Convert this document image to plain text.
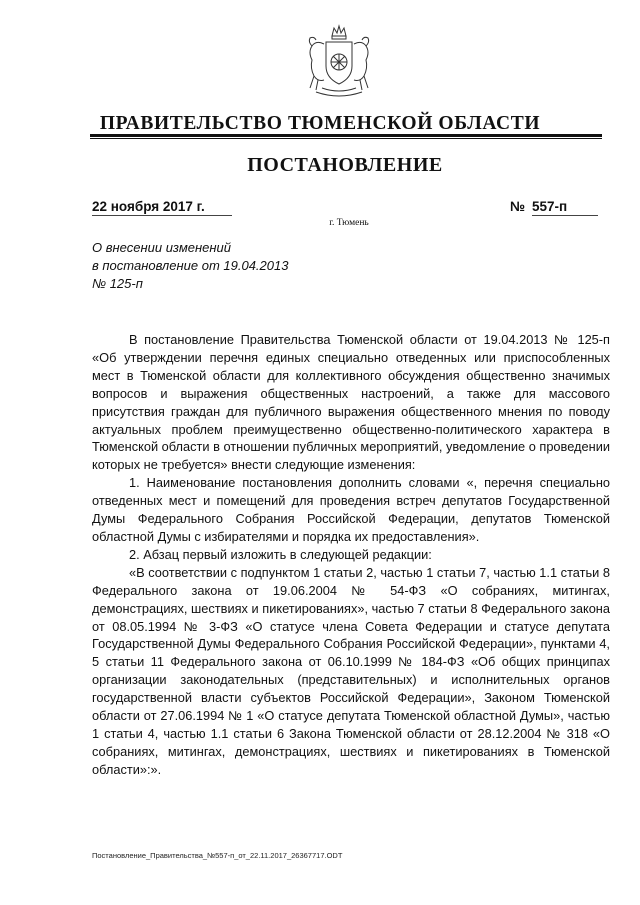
ПРАВИТЕЛЬСТВО ТЮМЕНСКОЙ ОБЛАСТИ
ПОСТАНОВЛЕНИЕ
22 ноября 2017 г.	№ 557-п
г. Тюмень
О внесении изменений
в постановление от 19.04.2013
№ 125-п

В постановление Правительства Тюменской области от 19.04.2013 № 125-п «Об утверждении перечня единых специально отведенных или приспособленных мест в Тюменской области для коллективного обсуждения общественно значимых вопросов и выражения общественных настроений, а также для массового присутствия граждан для публичного выражения общественного мнения по поводу актуальных проблем преимущественно общественно-политического характера в Тюменской области в отношении публичных мероприятий, уведомление о проведении которых не требуется» внести следующие изменения:

1. Наименование постановления дополнить словами «, перечня специально отведенных мест и помещений для проведения встреч депутатов Государственной Думы Федерального Собрания Российской Федерации, депутатов Тюменской областной Думы с избирателями и порядка их предоставления».

2. Абзац первый изложить в следующей редакции:

«В соответствии с подпунктом 1 статьи 2, частью 1 статьи 7, частью 1.1 статьи 8 Федерального закона от 19.06.2004 № 54-ФЗ «О собраниях, митингах, демонстрациях, шествиях и пикетированиях», частью 7 статьи 8 Федерального закона от 08.05.1994 № 3-ФЗ «О статусе члена Совета Федерации и статусе депутата Государственной Думы Федерального Собрания Российской Федерации», пунктами 4, 5 статьи 11 Федерального закона от 06.10.1999 № 184-ФЗ «Об общих принципах организации законодательных (представительных) и исполнительных органов государственной власти субъектов Российской Федерации», Законом Тюменской области от 27.06.1994 № 1 «О статусе депутата Тюменской областной Думы», частью 1 статьи 4, частью 1.1 статьи 6 Закона Тюменской области от 28.12.2004 № 318 «О собраниях, митингах, демонстрациях, шествиях и пикетированиях в Тюменской области»:».

Постановление_Правительства_№557-п_от_22.11.2017_26367717.ODT
